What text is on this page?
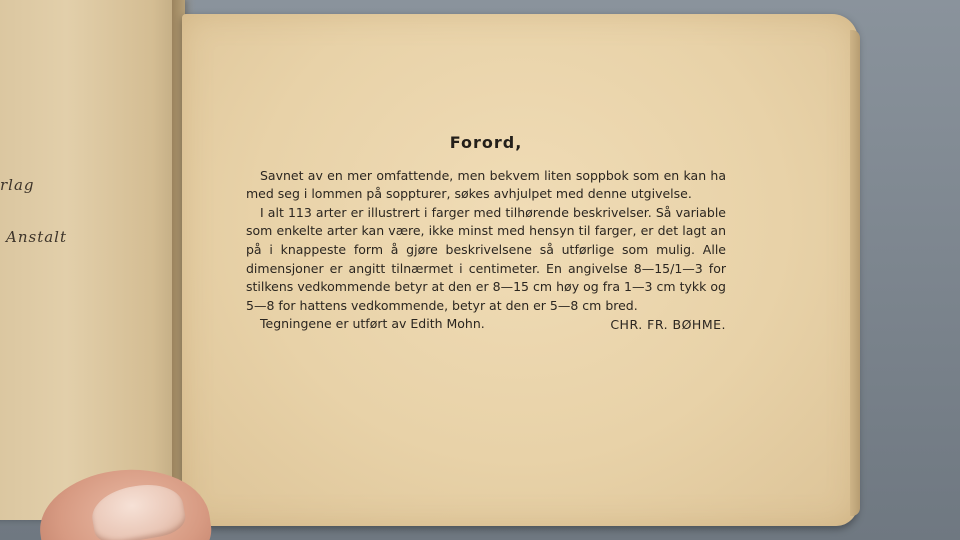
rlag
Anstalt
Forord,

Savnet av en mer omfattende, men bekvem liten soppbok som en kan ha med seg i lommen på soppturer, søkes avhjulpet med denne utgivelse.

I alt 113 arter er illustrert i farger med tilhørende beskrivelser. Så variable som enkelte arter kan være, ikke minst med hensyn til farger, er det lagt an på i knappeste form å gjøre beskrivelsene så utførlige som mulig. Alle dimensjoner er angitt tilnærmet i centimeter. En angivelse 8—15/1—3 for stilkens vedkommende betyr at den er 8—15 cm høy og fra 1—3 cm tykk og 5—8 for hattens vedkommende, betyr at den er 5—8 cm bred.

Tegningene er utført av Edith Mohn.	CHR. FR. BØHME.
